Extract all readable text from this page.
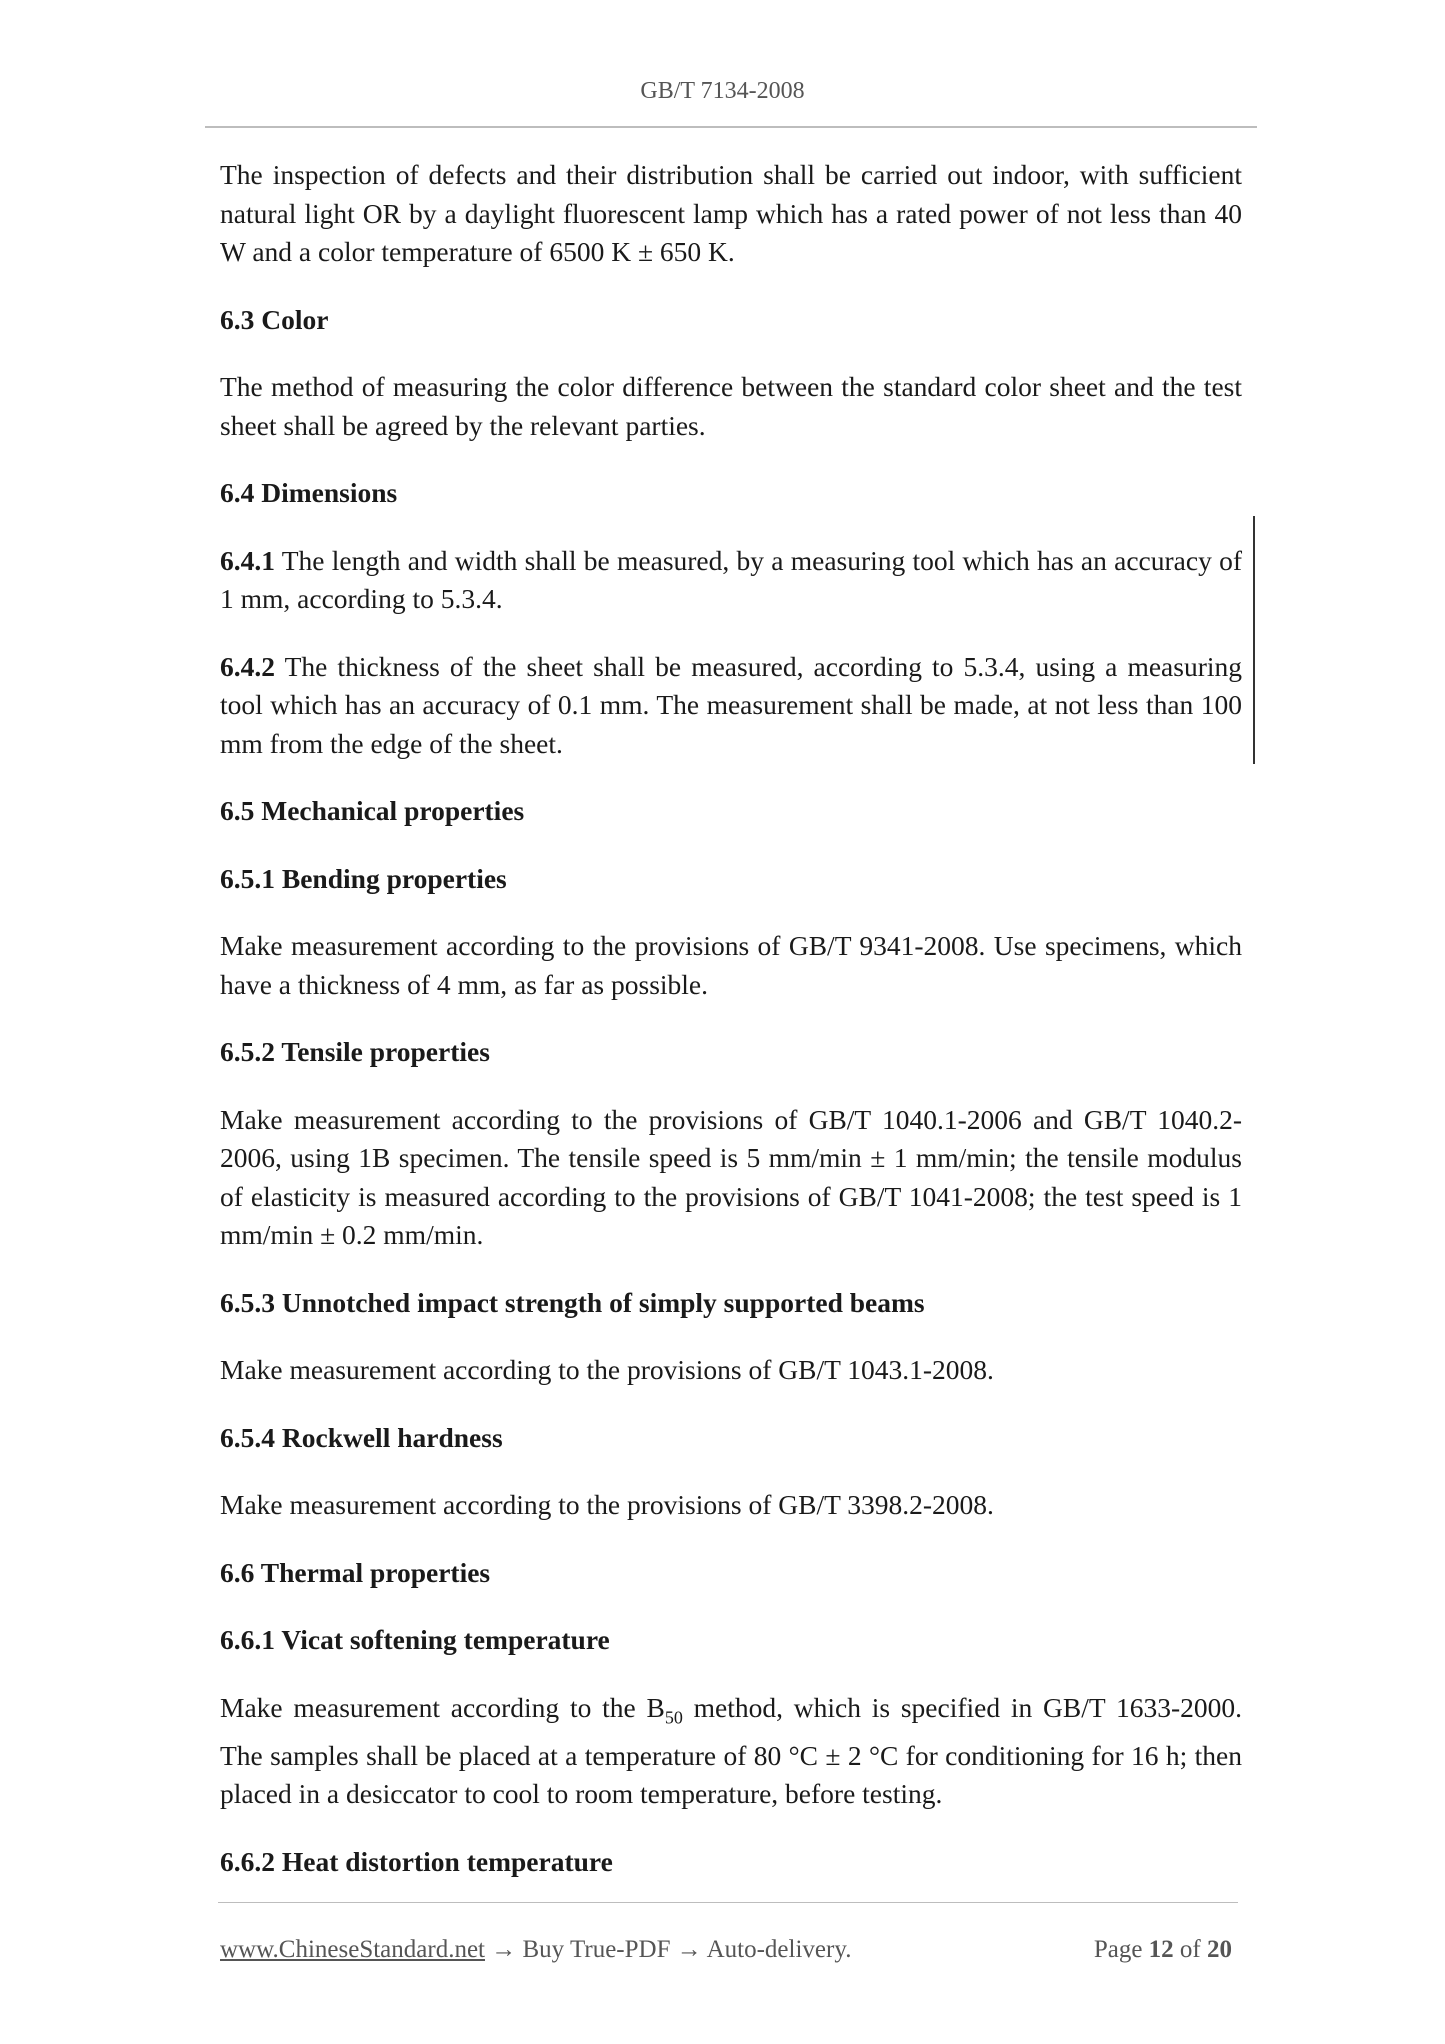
GB/T 7134-2008

The inspection of defects and their distribution shall be carried out indoor, with sufficient natural light OR by a daylight fluorescent lamp which has a rated power of not less than 40 W and a color temperature of 6500 K ± 650 K.

6.3 Color

The method of measuring the color difference between the standard color sheet and the test sheet shall be agreed by the relevant parties.

6.4 Dimensions

6.4.1 The length and width shall be measured, by a measuring tool which has an accuracy of 1 mm, according to 5.3.4.

6.4.2 The thickness of the sheet shall be measured, according to 5.3.4, using a measuring tool which has an accuracy of 0.1 mm. The measurement shall be made, at not less than 100 mm from the edge of the sheet.

6.5 Mechanical properties

6.5.1 Bending properties

Make measurement according to the provisions of GB/T 9341-2008. Use specimens, which have a thickness of 4 mm, as far as possible.

6.5.2 Tensile properties

Make measurement according to the provisions of GB/T 1040.1-2006 and GB/T 1040.2-2006, using 1B specimen. The tensile speed is 5 mm/min ± 1 mm/min; the tensile modulus of elasticity is measured according to the provisions of GB/T 1041-2008; the test speed is 1 mm/min ± 0.2 mm/min.

6.5.3 Unnotched impact strength of simply supported beams

Make measurement according to the provisions of GB/T 1043.1-2008.

6.5.4 Rockwell hardness

Make measurement according to the provisions of GB/T 3398.2-2008.

6.6 Thermal properties

6.6.1 Vicat softening temperature

Make measurement according to the $B_{50}$ method, which is specified in GB/T 1633-2000. The samples shall be placed at a temperature of 80 °C ± 2 °C for conditioning for 16 h; then placed in a desiccator to cool to room temperature, before testing.

6.6.2 Heat distortion temperature

www.ChineseStandard.net → Buy True-PDF → Auto-delivery.	Page 12 of 20
